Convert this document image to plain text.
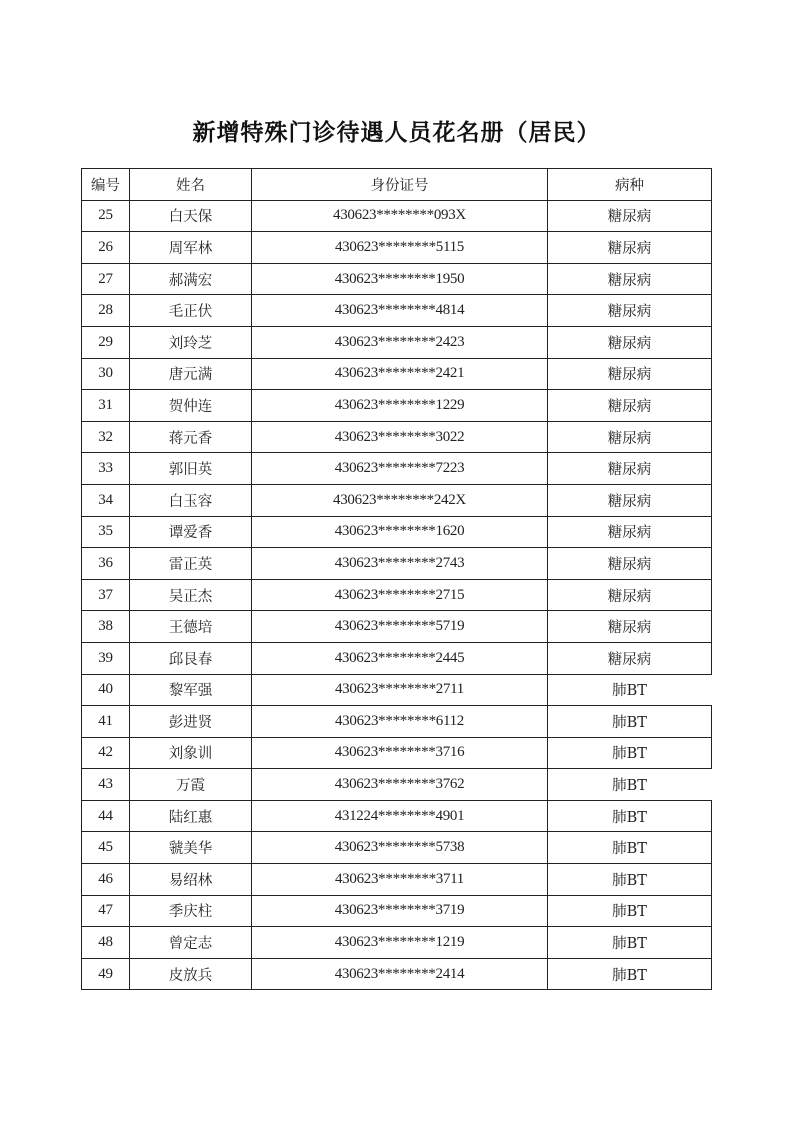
新增特殊门诊待遇人员花名册（居民）
编号	姓名	身份证号	病种
25	白天保	430623********093X	糖尿病
26	周军林	430623********5115	糖尿病
27	郝满宏	430623********1950	糖尿病
28	毛正伏	430623********4814	糖尿病
29	刘玲芝	430623********2423	糖尿病
30	唐元满	430623********2421	糖尿病
31	贺仲连	430623********1229	糖尿病
32	蒋元香	430623********3022	糖尿病
33	郭旧英	430623********7223	糖尿病
34	白玉容	430623********242X	糖尿病
35	谭爱香	430623********1620	糖尿病
36	雷正英	430623********2743	糖尿病
37	吴正杰	430623********2715	糖尿病
38	王德培	430623********5719	糖尿病
39	邱艮春	430623********2445	糖尿病
40	黎军强	430623********2711	肺BT
41	彭进贤	430623********6112	肺BT
42	刘象训	430623********3716	肺BT
43	万霞	430623********3762	肺BT
44	陆红惠	431224********4901	肺BT
45	虢美华	430623********5738	肺BT
46	易绍林	430623********3711	肺BT
47	季庆柱	430623********3719	肺BT
48	曾定志	430623********1219	肺BT
49	皮放兵	430623********2414	肺BT
